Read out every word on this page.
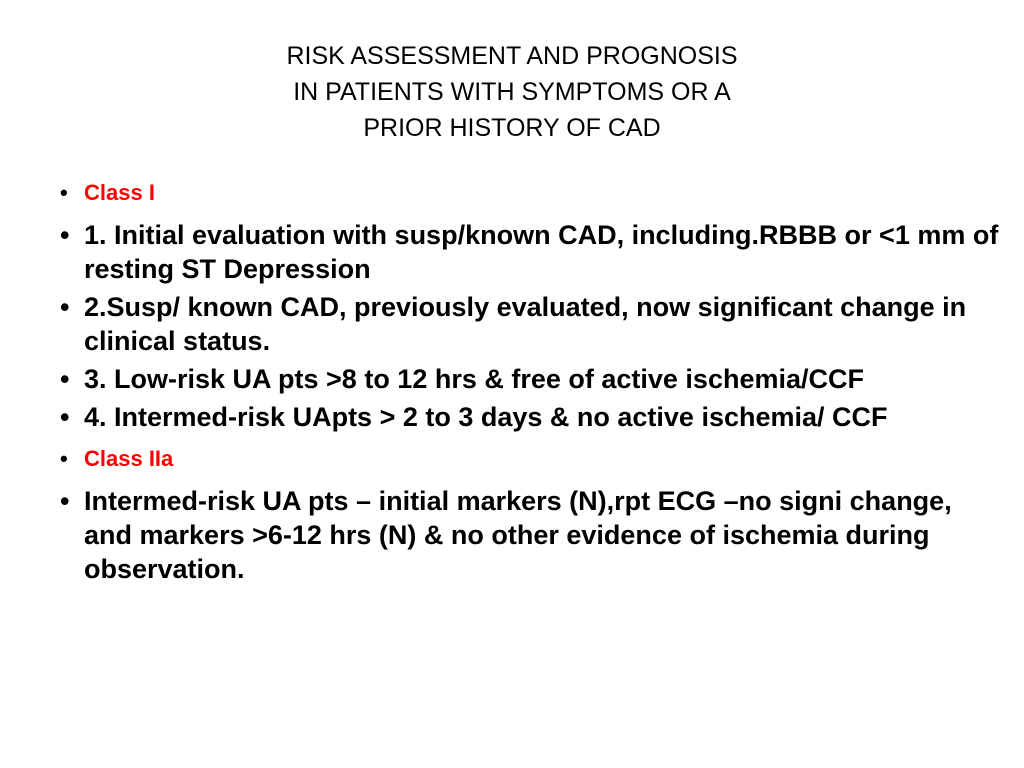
RISK ASSESSMENT AND PROGNOSIS
IN PATIENTS WITH SYMPTOMS OR A
PRIOR HISTORY OF CAD
• Class I
• 1. Initial evaluation with susp/known CAD, including.RBBB or <1 mm of resting ST Depression
• 2.Susp/ known CAD, previously evaluated, now significant change in clinical status.
• 3. Low-risk UA pts >8 to 12 hrs & free of active ischemia/CCF
• 4. Intermed-risk UApts > 2 to 3 days & no active ischemia/ CCF
• Class IIa
• Intermed-risk UA pts – initial markers (N),rpt ECG –no signi change, and markers >6-12 hrs (N) & no other evidence of ischemia during observation.
